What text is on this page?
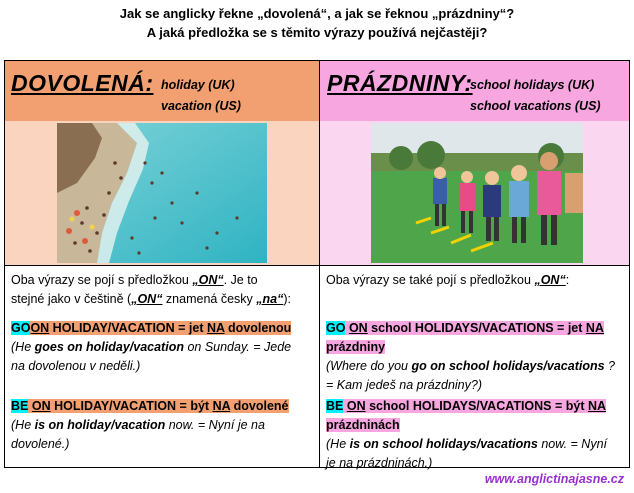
Jak se anglicky řekne „dovolená“, a jak se řeknou „prázdniny“?
A jaká předložka se s těmito výrazy používá nejčastěji?
DOVOLENÁ: holiday (UK)
vacation (US)
PRÁZDNINY:
school holidays (UK)
school vacations (US)
Oba výrazy se pojí s předložkou „ON“. Je to
stejné jako v češtině („ON“ znamená česky „na“):
GOON HOLIDAY/VACATION = jet NA dovolenou
(He goes on holiday/vacation on Sunday. = Jede
na dovolenou v neděli.)
BE ON HOLIDAY/VACATION = být NA dovolené
(He is on holiday/vacation now. = Nyní je na
dovolené.)
Oba výrazy se také pojí s předložkou „ON“:
GO ON school HOLIDAYS/VACATIONS = jet NA
prázdniny
(Where do you go on school holidays/vacations ?
= Kam jedeš na prázdniny?)
BE ON school HOLIDAYS/VACATIONS = být NA
prázdninách
(He is on school holidays/vacations now. = Nyní
je na prázdninách.)
www.anglictinajasne.cz
